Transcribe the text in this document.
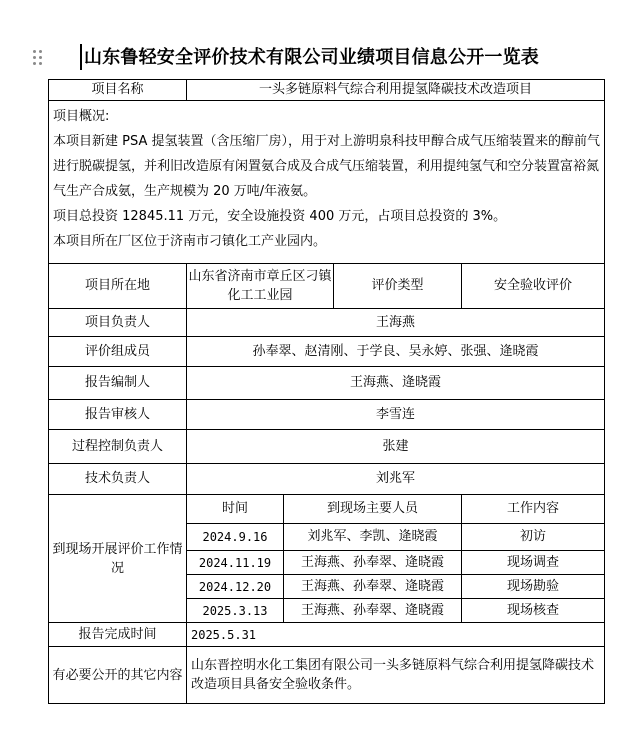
山东鲁轻安全评价技术有限公司业绩项目信息公开一览表
项目名称	一头多链原料气综合利用提氢降碳技术改造项目			

项目概况:
本项目新建 PSA 提氢装置（含压缩厂房），用于对上游明泉科技甲醇合成气压缩装置来的醇前气进行脱碳提氢，并利旧改造原有闲置氨合成及合成气压缩装置，利用提纯氢气和空分装置富裕氮气生产合成氨，生产规模为 20 万吨/年液氨。
项目总投资 12845.11 万元，安全设施投资 400 万元，占项目总投资的 3%。
本项目所在厂区位于济南市刁镇化工产业园内。				

项目所在地	山东省济南市章丘区刁镇化工工业园		评价类型	安全验收评价
项目负责人	王海燕			
评价组成员	孙奉翠、赵清刚、于学良、吴永婷、张强、逄晓霞			
报告编制人	王海燕、逄晓霞			
报告审核人	李雪连			
过程控制负责人	张建			
技术负责人	刘兆军			
到现场开展评价工作情况	时间	到现场主要人员		工作内容
	2024.9.16	刘兆军、李凯、逄晓霞		初访
	2024.11.19	王海燕、孙奉翠、逄晓霞		现场调查
	2024.12.20	王海燕、孙奉翠、逄晓霞		现场勘验
	2025.3.13	王海燕、孙奉翠、逄晓霞		现场核查
报告完成时间	2025.5.31			
有必要公开的其它内容	山东晋控明水化工集团有限公司一头多链原料气综合利用提氢降碳技术改造项目具备安全验收条件。			
